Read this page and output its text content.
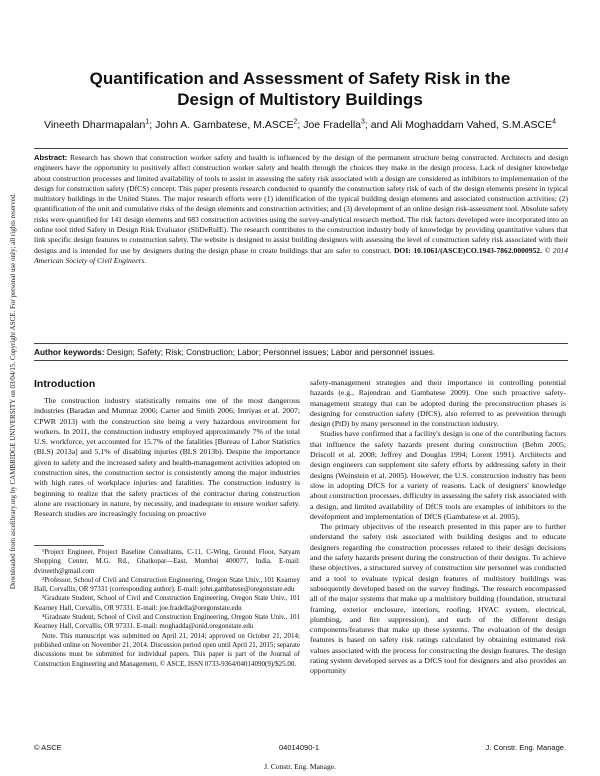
Downloaded from ascelibrary.org by CAMBRIDGE UNIVERSITY on 03/04/15. Copyright ASCE. For personal use only; all rights reserved.
Quantification and Assessment of Safety Risk in the Design of Multistory Buildings
Vineeth Dharmapalan$^1$; John A. Gambatese, M.ASCE$^2$; Joe Fradella$^3$; and Ali Moghaddam Vahed, S.M.ASCE$^4$
Abstract: Research has shown that construction worker safety and health is influenced by the design of the permanent structure being constructed. Architects and design engineers have the opportunity to positively affect construction worker safety and health through the choices they make in the design process. Lack of designer knowledge about construction processes and limited availability of tools to assist in assessing the safety risk associated with a design are considered as inhibitors to implementation of the design for construction safety (DfCS) concept. This paper presents research conducted to quantify the construction safety risk of each of the design elements present in typical multistory buildings in the United States. The major research efforts were (1) identification of the typical building design elements and associated construction activities; (2) quantification of the unit and cumulative risks of the design elements and construction activities; and (3) development of an online design risk-assessment tool. Absolute safety risks were quantified for 141 design elements and 683 construction activities using the survey-analytical research method. The risk factors developed were incorporated into an online tool titled Safety in Design Risk Evaluator (SliDeRulE). The research contributes to the construction industry body of knowledge by providing quantitative values that link specific design features to construction safety. The website is designed to assist building designers with assessing the level of construction safety risk associated with their designs and is intended for use by designers during the design phase to create buildings that are safer to construct. DOI: 10.1061/(ASCE)CO.1943-7862.0000952. © 2014 American Society of Civil Engineers.
Author keywords: Design; Safety; Risk; Construction; Labor; Personnel issues; Labor and personnel issues.
Introduction

The construction industry statistically remains one of the most dangerous industries (Baradan and Mumtaz 2006; Carter and Smith 2006; Imriyas et al. 2007; CPWR 2013) with the construction site being a very hazardous environment for workers. In 2011, the construction industry employed approximately 7% of the total U.S. workforce, yet accounted for 15.7% of the fatalities [Bureau of Labor Statistics (BLS) 2013a] and 5.1% of disabling injuries (BLS 2013b). Despite the importance given to safety and the increased safety and health-management activities adopted on construction sites, the construction sector is consistently among the major industries with high rates of workplace injuries and fatalities. The construction industry is beginning to realize that the safety practices of the contractor during construction alone are reactionary in nature, by necessity, and inadequate to ensure worker safety. Research studies are increasingly focusing on proactive

¹Project Engineer, Project Baseline Consultants, C-11, C-Wing, Ground Floor, Satyam Shopping Center, M.G. Rd., Ghatkopar—East, Mumbai 400077, India. E-mail: dvineeth@gmail.com

²Professor, School of Civil and Construction Engineering, Oregon State Univ., 101 Kearney Hall, Corvallis, OR 97331 (corresponding author). E-mail: john.gambatese@oregonstate.edu

³Graduate Student, School of Civil and Construction Engineering, Oregon State Univ., 101 Kearney Hall, Corvallis, OR 97331. E-mail: joe.fradella@oregonstate.edu

⁴Graduate Student, School of Civil and Construction Engineering, Oregon State Univ., 101 Kearney Hall, Corvallis, OR 97331. E-mail: moghadda@onid.oregonstate.edu

Note. This manuscript was submitted on April 21, 2014; approved on October 21, 2014; published online on November 21, 2014. Discussion period open until April 21, 2015; separate discussions must be submitted for individual papers. This paper is part of the Journal of Construction Engineering and Management, © ASCE, ISSN 0733-9364/04014090(9)/$25.00.

safety-management strategies and their importance in controlling potential hazards (e.g., Rajendran and Gambatese 2009). One such proactive safety-management strategy that can be adopted during the preconstruction phases is designing for construction safety (DfCS), also referred to as prevention through design (PtD) by many personnel in the construction industry.

Studies have confirmed that a facility's design is one of the contributing factors that influence the safety hazards present during construction (Behm 2005; Driscoll et al. 2008; Jeffrey and Douglas 1994; Lorent 1991). Architects and design engineers can supplement site safety efforts by addressing safety in their designs (Weinstein et al. 2005). However, the U.S. construction industry has been slow in adopting DfCS for a variety of reasons. Lack of designers' knowledge about construction processes, difficulty in assessing the safety risk associated with a design, and limited availability of DfCS tools are examples of inhibitors to the development and implementation of DfCS (Gambatese et al. 2005).

The primary objectives of the research presented in this paper are to further understand the safety risk associated with building designs and to educate designers regarding the construction processes related to their design decisions and the safety hazards present during the construction of their designs. To achieve these objectives, a structured survey of construction site personnel was conducted and a tool to evaluate typical design features of multistory buildings was subsequently developed based on the survey findings. The research encompassed all of the major systems that make up a multistory building (foundation, structural framing, exterior enclosure, interiors, roofing, HVAC system, electrical, plumbing, and fire suppression), and each of the different design components/features that make up these systems. The evaluation of the design features is based on safety risk ratings calculated by obtaining estimated risk values associated with the process for constructing the design features. The design rating system developed serves as a DfCS tool for designers and also provides an opportunity

© ASCE	04014090-1	J. Constr. Eng. Manage.
J. Constr. Eng. Manage.
